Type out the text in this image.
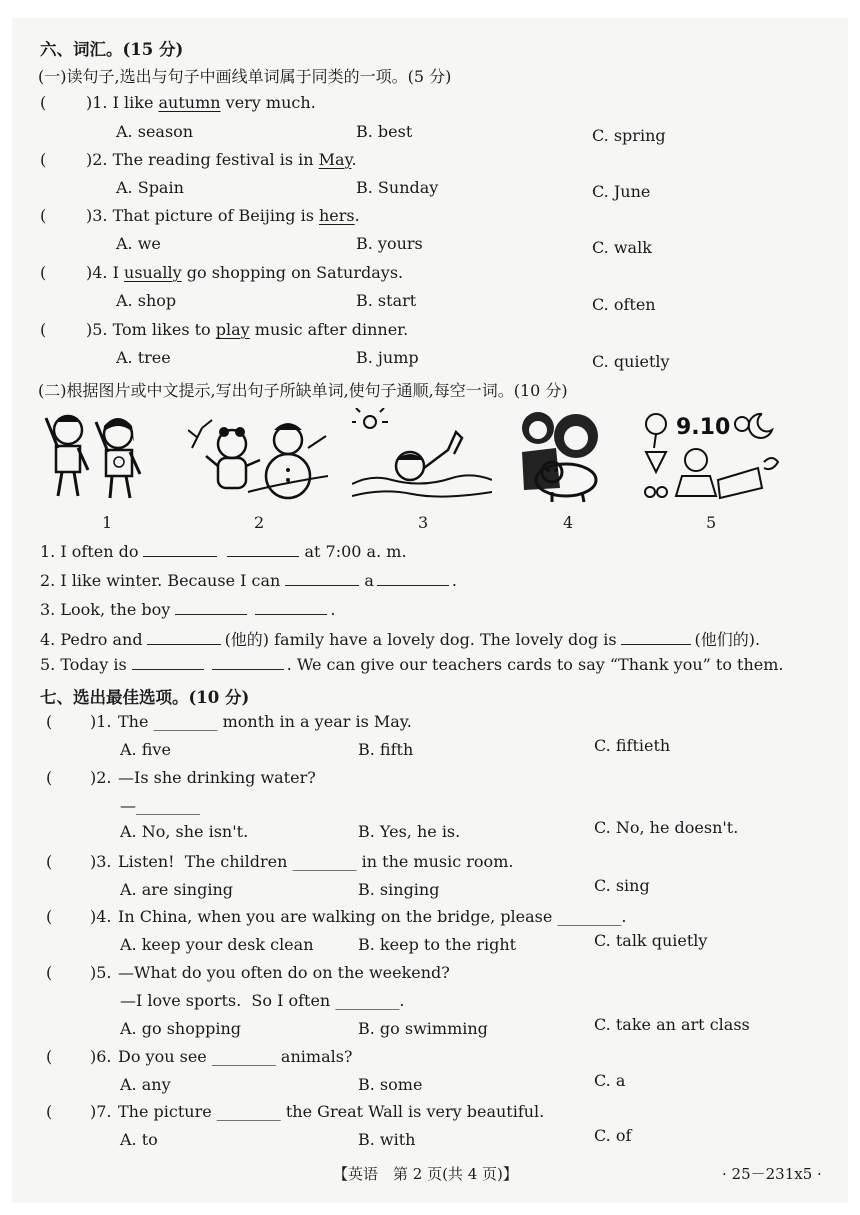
六、词汇。(15 分)
(一)读句子,选出与句子中画线单词属于同类的一项。(5 分)
( )1. I like autumn very much.
A. season	B. best	C. spring
( )2. The reading festival is in May.
A. Spain	B. Sunday	C. June
( )3. That picture of Beijing is hers.
A. we	B. yours	C. walk
( )4. I usually go shopping on Saturdays.
A. shop	B. start	C. often
( )5. Tom likes to play music after dinner.
A. tree	B. jump	C. quietly
(二)根据图片或中文提示,写出句子所缺单词,使句子通顺,每空一词。(10 分)
9.10
1	2	3	4	5
1. I often do	at 7:00 a. m.
2. I like winter. Because I can	a	.
3. Look, the boy	.
4. Pedro and	(他的) family have a lovely dog. The lovely dog is	(他们的).
5. Today is	. We can give our teachers cards to say “Thank you” to them.
七、选出最佳选项。(10 分)
( )1. The ________ month in a year is May.
A. five	B. fifth	C. fiftieth
( )2. —Is she drinking water?
—________
A. No, she isn't.	B. Yes, he is.	C. No, he doesn't.
( )3. Listen!  The children ________ in the music room.
A. are singing	B. singing	C. sing
( )4. In China, when you are walking on the bridge, please ________.
A. keep your desk clean	B. keep to the right	C. talk quietly
( )5. —What do you often do on the weekend?
—I love sports.  So I often ________.
A. go shopping	B. go swimming	C. take an art class
( )6. Do you see ________ animals?
A. any	B. some	C. a
( )7. The picture ________ the Great Wall is very beautiful.
A. to	B. with	C. of
【英语　第 2 页(共 4 页)】	· 25－231x5 ·
